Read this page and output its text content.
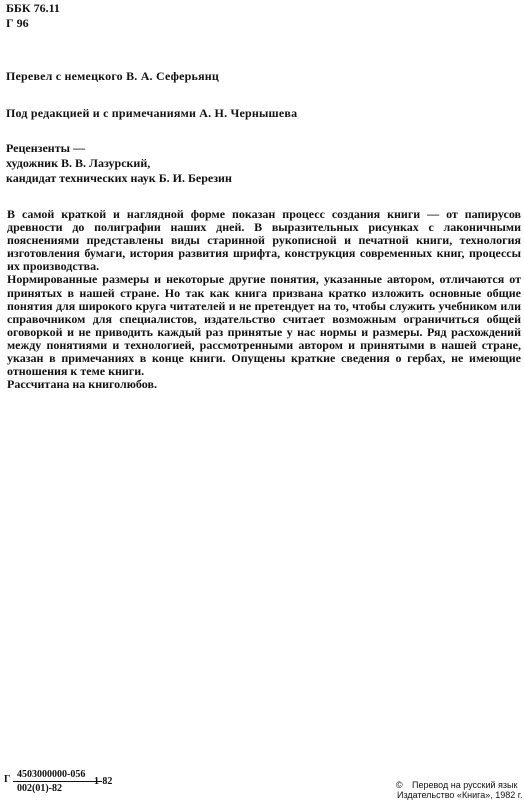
ББК 76.11
Г 96
Перевел с немецкого В. А. Сеферьянц
Под редакцией и с примечаниями А. Н. Чернышева
Рецензенты —
художник В. В. Лазурский,
кандидат технических наук Б. И. Березин

В самой краткой и наглядной форме показан процесс создания книги — от папирусов древности до полиграфии наших дней. В выразительных рисунках с лаконичными пояснениями представлены виды старинной рукописной и печатной книги, технология изготовления бумаги, история развития шрифта, конструкция современных книг, процессы их производства.

Нормированные размеры и некоторые другие понятия, указанные автором, отличаются от принятых в нашей стране. Но так как книга призвана кратко изложить основные общие понятия для широкого круга читателей и не претендует на то, чтобы служить учебником или справочником для специалистов, издательство считает возможным ограничиться общей оговоркой и не приводить каждый раз принятые у нас нормы и размеры. Ряд расхождений между понятиями и технологией, рассмотренными автором и принятыми в нашей стране, указан в примечаниях в конце книги. Опущены краткие сведения о гербах, не имеющие отношения к теме книги.

Рассчитана на книголюбов.

Г 4503000000-056
002(01)-82
1-82	© Перевод на русский язык
Издательство «Книга», 1982 г.
